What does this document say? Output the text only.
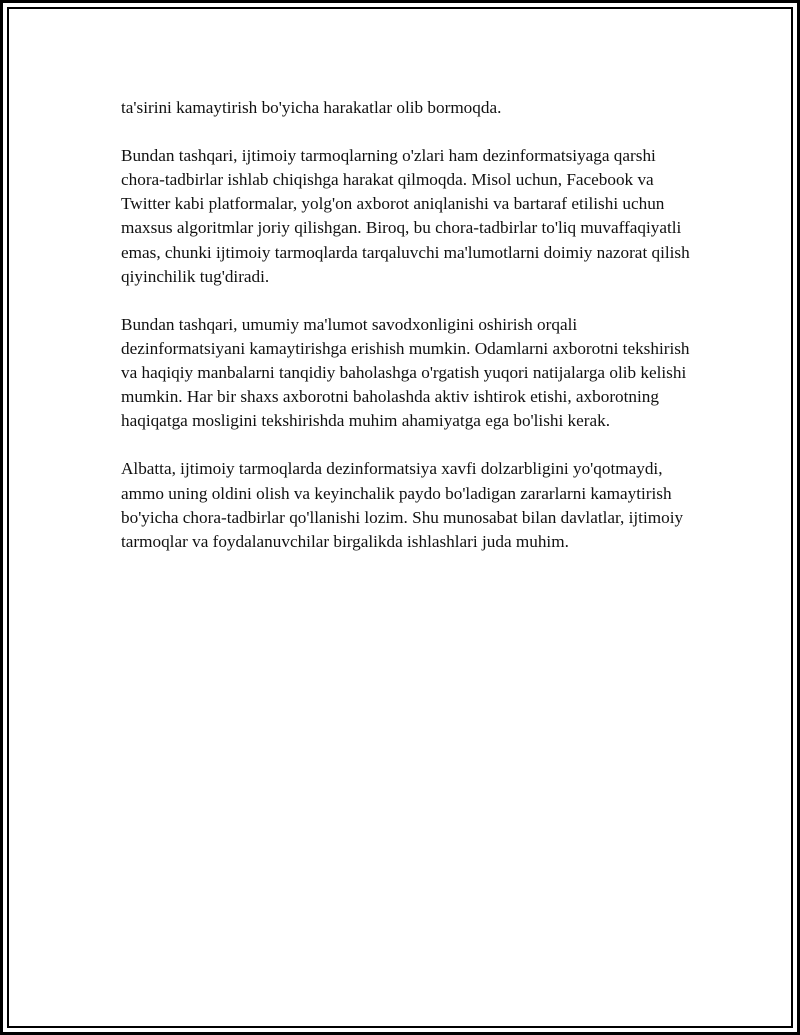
ta'sirini kamaytirish bo'yicha harakatlar olib bormoqda.

Bundan tashqari, ijtimoiy tarmoqlarning o'zlari ham dezinformatsiyaga qarshi chora-tadbirlar ishlab chiqishga harakat qilmoqda. Misol uchun, Facebook va Twitter kabi platformalar, yolg'on axborot aniqlanishi va bartaraf etilishi uchun maxsus algoritmlar joriy qilishgan. Biroq, bu chora-tadbirlar to'liq muvaffaqiyatli emas, chunki ijtimoiy tarmoqlarda tarqaluvchi ma'lumotlarni doimiy nazorat qilish qiyinchilik tug'diradi.

Bundan tashqari, umumiy ma'lumot savodxonligini oshirish orqali dezinformatsiyani kamaytirishga erishish mumkin. Odamlarni axborotni tekshirish va haqiqiy manbalarni tanqidiy baholashga o'rgatish yuqori natijalarga olib kelishi mumkin. Har bir shaxs axborotni baholashda aktiv ishtirok etishi, axborotning haqiqatga mosligini tekshirishda muhim ahamiyatga ega bo'lishi kerak.

Albatta, ijtimoiy tarmoqlarda dezinformatsiya xavfi dolzarbligini yo'qotmaydi, ammo uning oldini olish va keyinchalik paydo bo'ladigan zararlarni kamaytirish bo'yicha chora-tadbirlar qo'llanishi lozim. Shu munosabat bilan davlatlar, ijtimoiy tarmoqlar va foydalanuvchilar birgalikda ishlashlari juda muhim.
